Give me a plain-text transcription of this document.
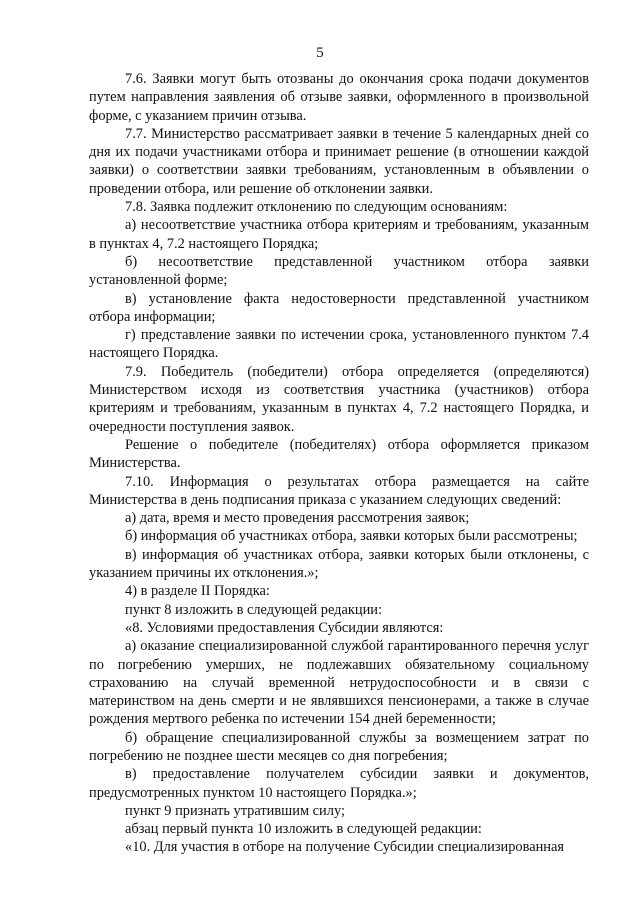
5

7.6. Заявки могут быть отозваны до окончания срока подачи документов путем направления заявления об отзыве заявки, оформленного в произвольной форме, с указанием причин отзыва.

7.7. Министерство рассматривает заявки в течение 5 календарных дней со дня их подачи участниками отбора и принимает решение (в отношении каждой заявки) о соответствии заявки требованиям, установленным в объявлении о проведении отбора, или решение об отклонении заявки.

7.8. Заявка подлежит отклонению по следующим основаниям:

а) несоответствие участника отбора критериям и требованиям, указанным в пунктах 4, 7.2 настоящего Порядка;

б) несоответствие представленной участником отбора заявки установленной форме;

в) установление факта недостоверности представленной участником отбора информации;

г) представление заявки по истечении срока, установленного пунктом 7.4 настоящего Порядка.

7.9. Победитель (победители) отбора определяется (определяются) Министерством исходя из соответствия участника (участников) отбора критериям и требованиям, указанным в пунктах 4, 7.2 настоящего Порядка, и очередности поступления заявок.

Решение о победителе (победителях) отбора оформляется приказом Министерства.

7.10. Информация о результатах отбора размещается на сайте Министерства в день подписания приказа с указанием следующих сведений:

а) дата, время и место проведения рассмотрения заявок;

б) информация об участниках отбора, заявки которых были рассмотрены;

в) информация об участниках отбора, заявки которых были отклонены, с указанием причины их отклонения.»;

4) в разделе II Порядка:

пункт 8 изложить в следующей редакции:

«8. Условиями предоставления Субсидии являются:

а) оказание специализированной службой гарантированного перечня услуг по погребению умерших, не подлежавших обязательному социальному страхованию на случай временной нетрудоспособности и в связи с материнством на день смерти и не являвшихся пенсионерами, а также в случае рождения мертвого ребенка по истечении 154 дней беременности;

б) обращение специализированной службы за возмещением затрат по погребению не позднее шести месяцев со дня погребения;

в) предоставление получателем субсидии заявки и документов, предусмотренных пунктом 10 настоящего Порядка.»;

пункт 9 признать утратившим силу;

абзац первый пункта 10 изложить в следующей редакции:

«10. Для участия в отборе на получение Субсидии специализированная
